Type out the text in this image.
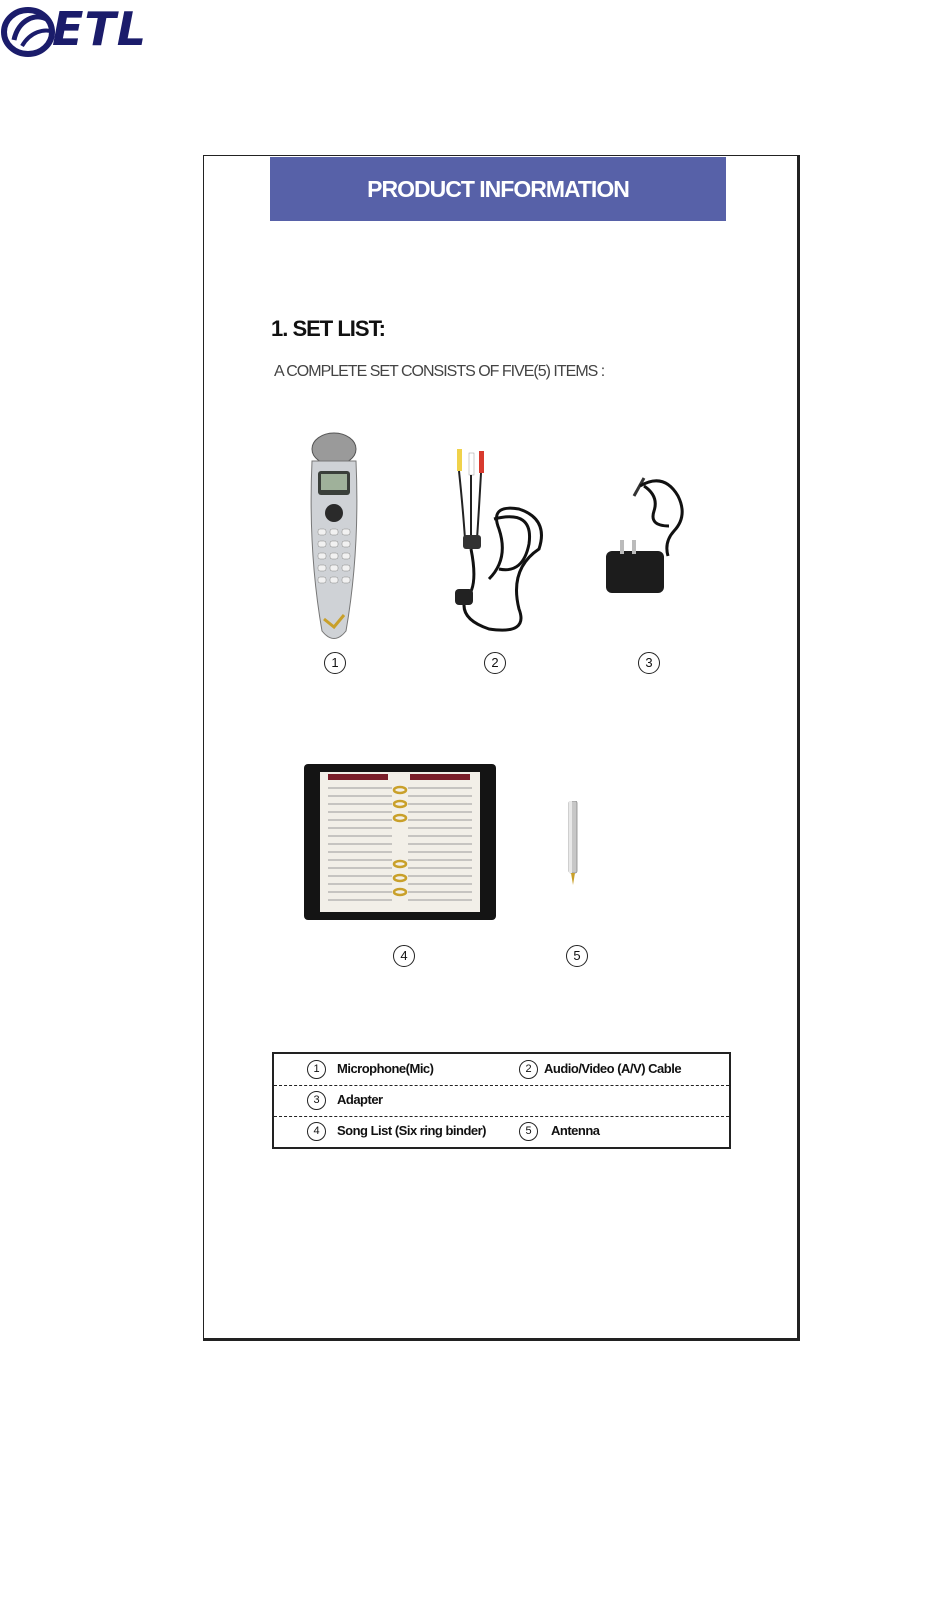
ETL
PRODUCT INFORMATION
1. SET LIST:
A COMPLETE SET CONSISTS OF FIVE(5) ITEMS :
1	2	3
4	5
1	Microphone(Mic)	2 Audio/Video (A/V) Cable
3	Adapter
4	Song List (Six ring binder)	5	Antenna
